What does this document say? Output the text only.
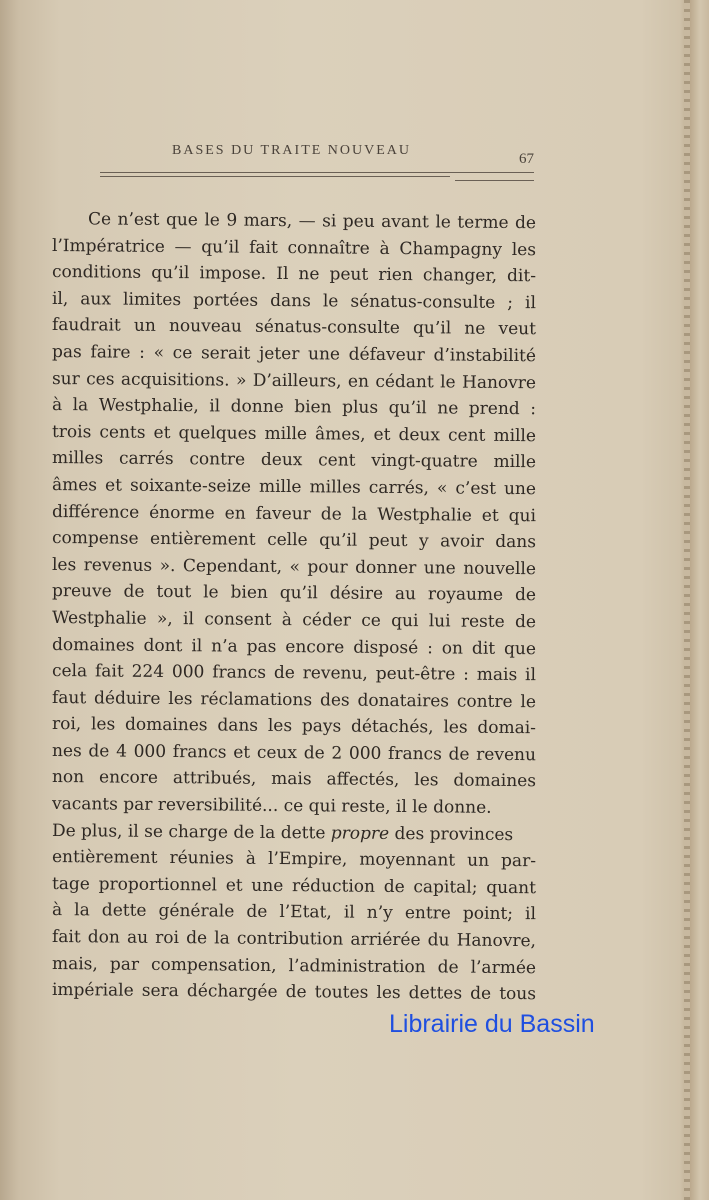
BASES DU TRAITE NOUVEAU
67
Ce n’est que le 9 mars, — si peu avant le terme de
l’Impératrice — qu’il fait connaître à Champagny les
conditions qu’il impose. Il ne peut rien changer, dit-
il, aux limites portées dans le sénatus-consulte ; il
faudrait un nouveau sénatus-consulte qu’il ne veut
pas faire : « ce serait jeter une défaveur d’instabilité
sur ces acquisitions. » D’ailleurs, en cédant le Hanovre
à la Westphalie, il donne bien plus qu’il ne prend :
trois cents et quelques mille âmes, et deux cent mille
milles carrés contre deux cent vingt-quatre mille
âmes et soixante-seize mille milles carrés, « c’est une
différence énorme en faveur de la Westphalie et qui
compense entièrement celle qu’il peut y avoir dans
les revenus ». Cependant, « pour donner une nouvelle
preuve de tout le bien qu’il désire au royaume de
Westphalie », il consent à céder ce qui lui reste de
domaines dont il n’a pas encore disposé : on dit que
cela fait 224 000 francs de revenu, peut-être : mais il
faut déduire les réclamations des donataires contre le
roi, les domaines dans les pays détachés, les domai-
nes de 4 000 francs et ceux de 2 000 francs de revenu
non encore attribués, mais affectés, les domaines
vacants par reversibilité... ce qui reste, il le donne.
De plus, il se charge de la dette propre des provinces
entièrement réunies à l’Empire, moyennant un par-
tage proportionnel et une réduction de capital; quant
à la dette générale de l’Etat, il n’y entre point; il
fait don au roi de la contribution arriérée du Hanovre,
mais, par compensation, l’administration de l’armée
impériale sera déchargée de toutes les dettes de tous
Librairie du Bassin
